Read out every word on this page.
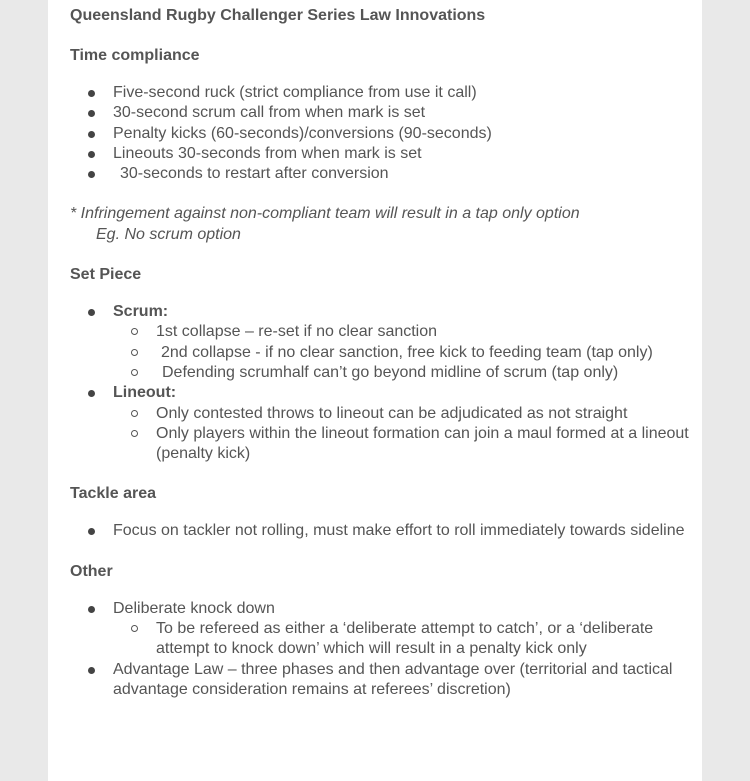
Queensland Rugby Challenger Series Law Innovations
Time compliance
Five-second ruck (strict compliance from use it call)
30-second scrum call from when mark is set
Penalty kicks (60-seconds)/conversions (90-seconds)
Lineouts 30-seconds from when mark is set
30-seconds to restart after conversion
* Infringement against non-compliant team will result in a tap only option
Eg. No scrum option
Set Piece
Scrum:
1st collapse – re-set if no clear sanction
2nd collapse - if no clear sanction, free kick to feeding team (tap only)
Defending scrumhalf can’t go beyond midline of scrum (tap only)
Lineout:
Only contested throws to lineout can be adjudicated as not straight
Only players within the lineout formation can join a maul formed at a lineout (penalty kick)
Tackle area
Focus on tackler not rolling, must make effort to roll immediately towards sideline
Other
Deliberate knock down
To be refereed as either a ‘deliberate attempt to catch’, or a ‘deliberate attempt to knock down’ which will result in a penalty kick only
Advantage Law – three phases and then advantage over (territorial and tactical advantage consideration remains at referees’ discretion)
